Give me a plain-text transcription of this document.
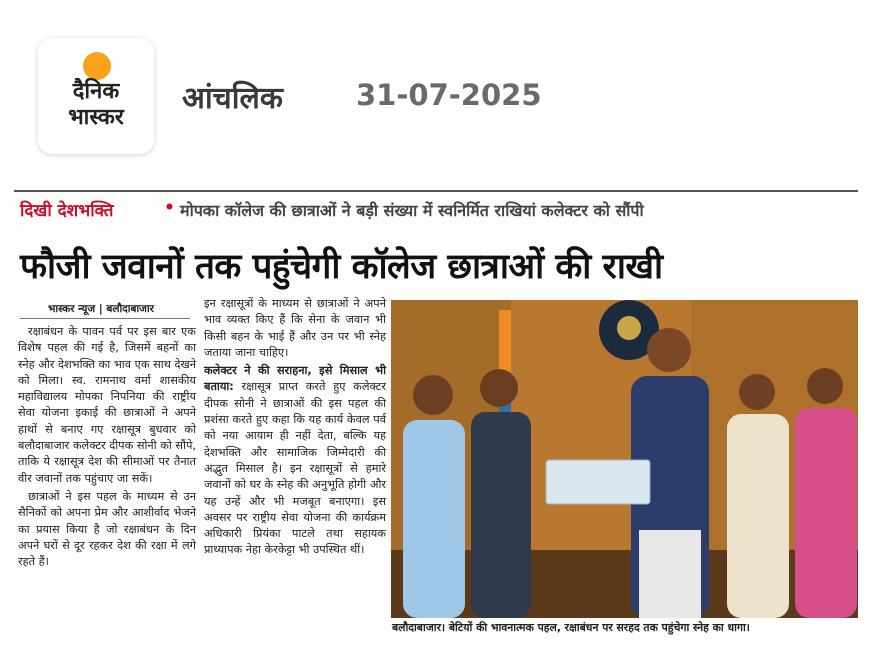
दैनिक
भास्कर
आंचलिक	31-07-2025
दिखी देशभक्ति	• मोपका कॉलेज की छात्राओं ने बड़ी संख्या में स्वनिर्मित राखियां कलेक्टर को सौंपी
फौजी जवानों तक पहुंचेगी कॉलेज छात्राओं की राखी
भास्कर न्यूज | बलौदाबाजार

रक्षाबंधन के पावन पर्व पर इस बार एक विशेष पहल की गई है, जिसमें बहनों का स्नेह और देशभक्ति का भाव एक साथ देखने को मिला। स्व. रामनाथ वर्मा शासकीय महाविद्यालय मोपका निपनिया की राष्ट्रीय सेवा योजना इकाई की छात्राओं ने अपने हाथों से बनाए गए रक्षासूत्र बुधवार को बलौदाबाजार कलेक्टर दीपक सोनी को सौंपे, ताकि ये रक्षासूत्र देश की सीमाओं पर तैनात वीर जवानों तक पहुंचाए जा सकें।

छात्राओं ने इस पहल के माध्यम से उन सैनिकों को अपना प्रेम और आशीर्वाद भेजने का प्रयास किया है जो रक्षाबंधन के दिन अपने घरों से दूर रहकर देश की रक्षा में लगे रहते हैं।

इन रक्षासूत्रों के माध्यम से छात्राओं ने अपने भाव व्यक्त किए हैं कि सेना के जवान भी किसी बहन के भाई हैं और उन पर भी स्नेह जताया जाना चाहिए।

कलेक्टर ने की सराहना, इसे मिसाल भी बताया: रक्षासूत्र प्राप्त करते हुए कलेक्टर दीपक सोनी ने छात्राओं की इस पहल की प्रशंसा करते हुए कहा कि यह कार्य केवल पर्व को नया आयाम ही नहीं देता, बल्कि यह देशभक्ति और सामाजिक जिम्मेदारी की अद्भुत मिसाल है। इन रक्षासूत्रों से हमारे जवानों को घर के स्नेह की अनुभूति होगी और यह उन्हें और भी मजबूत बनाएगा। इस अवसर पर राष्ट्रीय सेवा योजना की कार्यक्रम अधिकारी प्रियंका पाटले तथा सहायक प्राध्यापक नेहा केरकेट्टा भी उपस्थित थीं।

बलौदाबाजार। बेटियों की भावनात्मक पहल, रक्षाबंधन पर सरहद तक पहुंचेगा स्नेह का धागा।
